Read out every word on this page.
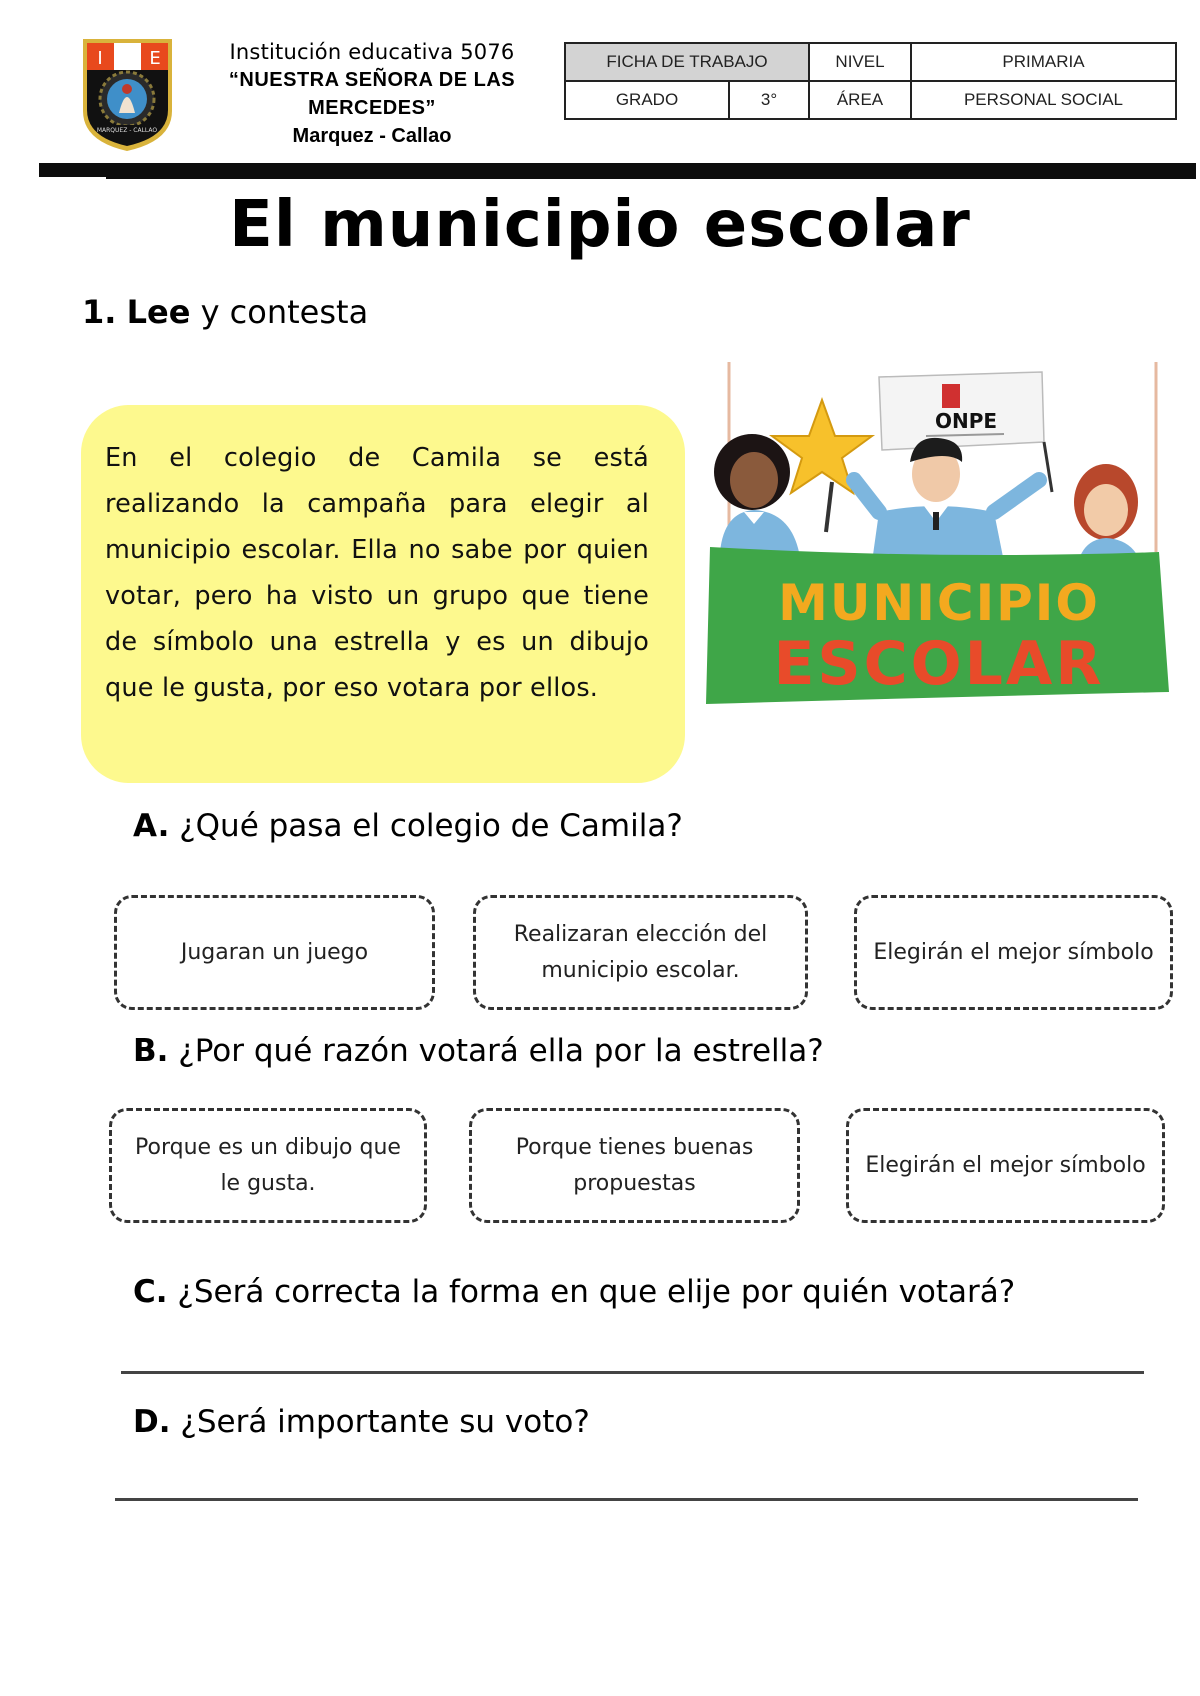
I	E
MARQUEZ - CALLAO
Institución educativa 5076
“NUESTRA SEÑORA DE LAS
MERCEDES”
Marquez - Callao
FICHA DE TRABAJO		NIVEL	PRIMARIA
GRADO	3°	ÁREA	PERSONAL SOCIAL
El municipio escolar
1. Lee y contesta

En el colegio de Camila se está realizando la campaña para elegir al municipio escolar. Ella no sabe por quien votar, pero ha visto un grupo que tiene de símbolo una estrella y es un dibujo que le gusta, por eso votara por ellos.

ONPE
MUNICIPIO
ESCOLAR
A. ¿Qué pasa el colegio de Camila?
Jugaran un juego
Realizaran elección del municipio escolar.
Elegirán el mejor símbolo
B. ¿Por qué razón votará ella por la estrella?
Porque es un dibujo que le gusta.
Porque tienes buenas propuestas
Elegirán el mejor símbolo
C. ¿Será correcta la forma en que elije por quién votará?
D. ¿Será importante su voto?
